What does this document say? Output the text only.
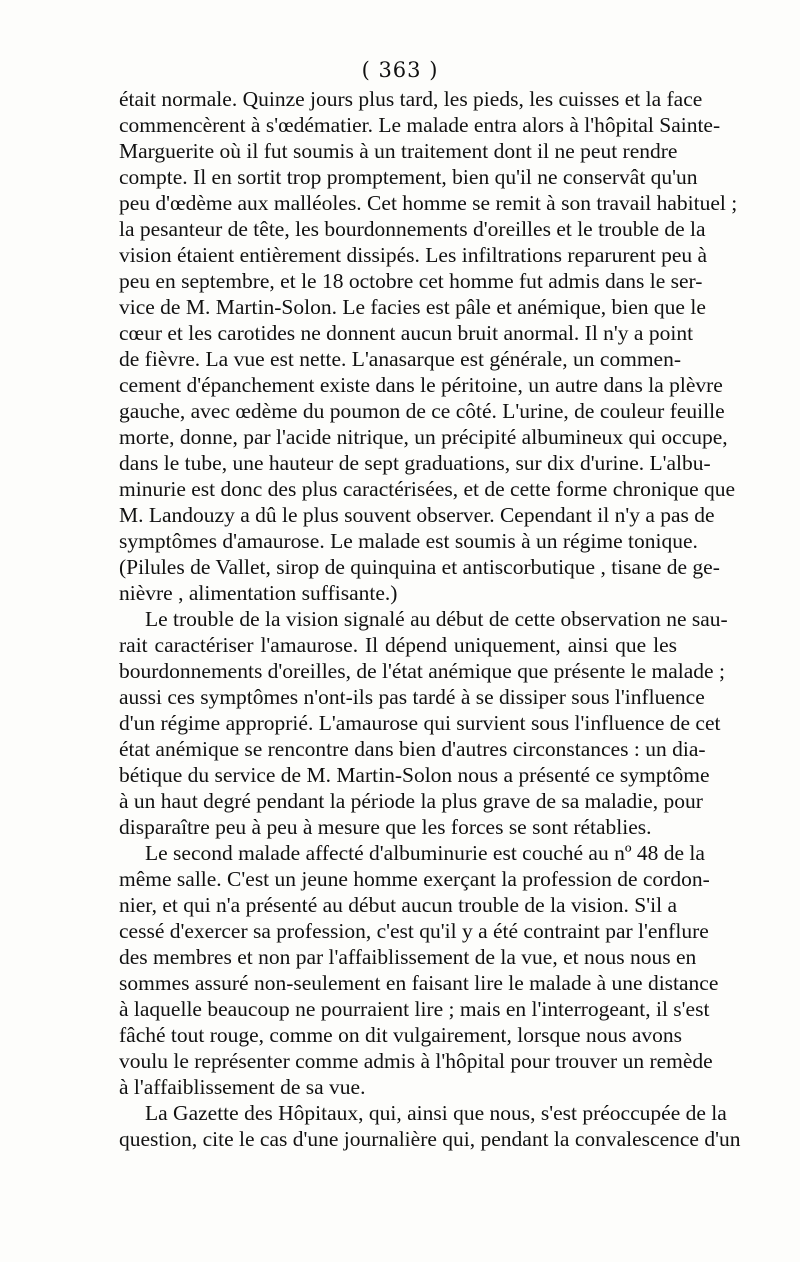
( 363 )
était normale. Quinze jours plus tard, les pieds, les cuisses et la face
commencèrent à s'œdématier. Le malade entra alors à l'hôpital Sainte-
Marguerite où il fut soumis à un traitement dont il ne peut rendre
compte. Il en sortit trop promptement, bien qu'il ne conservât qu'un
peu d'œdème aux malléoles. Cet homme se remit à son travail habituel ;
la pesanteur de tête, les bourdonnements d'oreilles et le trouble de la
vision étaient entièrement dissipés. Les infiltrations reparurent peu à
peu en septembre, et le 18 octobre cet homme fut admis dans le ser-
vice de M. Martin-Solon. Le facies est pâle et anémique, bien que le
cœur et les carotides ne donnent aucun bruit anormal. Il n'y a point
de fièvre. La vue est nette. L'anasarque est générale, un commen-
cement d'épanchement existe dans le péritoine, un autre dans la plèvre
gauche, avec œdème du poumon de ce côté. L'urine, de couleur feuille
morte, donne, par l'acide nitrique, un précipité albumineux qui occupe,
dans le tube, une hauteur de sept graduations, sur dix d'urine. L'albu-
minurie est donc des plus caractérisées, et de cette forme chronique que
M. Landouzy a dû le plus souvent observer. Cependant il n'y a pas de
symptômes d'amaurose. Le malade est soumis à un régime tonique.
(Pilules de Vallet, sirop de quinquina et antiscorbutique , tisane de ge-
nièvre , alimentation suffisante.)
Le trouble de la vision signalé au début de cette observation ne sau-
rait caractériser l'amaurose. Il dépend uniquement, ainsi que les
bourdonnements d'oreilles, de l'état anémique que présente le malade ;
aussi ces symptômes n'ont-ils pas tardé à se dissiper sous l'influence
d'un régime approprié. L'amaurose qui survient sous l'influence de cet
état anémique se rencontre dans bien d'autres circonstances : un dia-
bétique du service de M. Martin-Solon nous a présenté ce symptôme
à un haut degré pendant la période la plus grave de sa maladie, pour
disparaître peu à peu à mesure que les forces se sont rétablies.
Le second malade affecté d'albuminurie est couché au nº 48 de la
même salle. C'est un jeune homme exerçant la profession de cordon-
nier, et qui n'a présenté au début aucun trouble de la vision. S'il a
cessé d'exercer sa profession, c'est qu'il y a été contraint par l'enflure
des membres et non par l'affaiblissement de la vue, et nous nous en
sommes assuré non-seulement en faisant lire le malade à une distance
à laquelle beaucoup ne pourraient lire ; mais en l'interrogeant, il s'est
fâché tout rouge, comme on dit vulgairement, lorsque nous avons
voulu le représenter comme admis à l'hôpital pour trouver un remède
à l'affaiblissement de sa vue.
La Gazette des Hôpitaux, qui, ainsi que nous, s'est préoccupée de la
question, cite le cas d'une journalière qui, pendant la convalescence d'un
